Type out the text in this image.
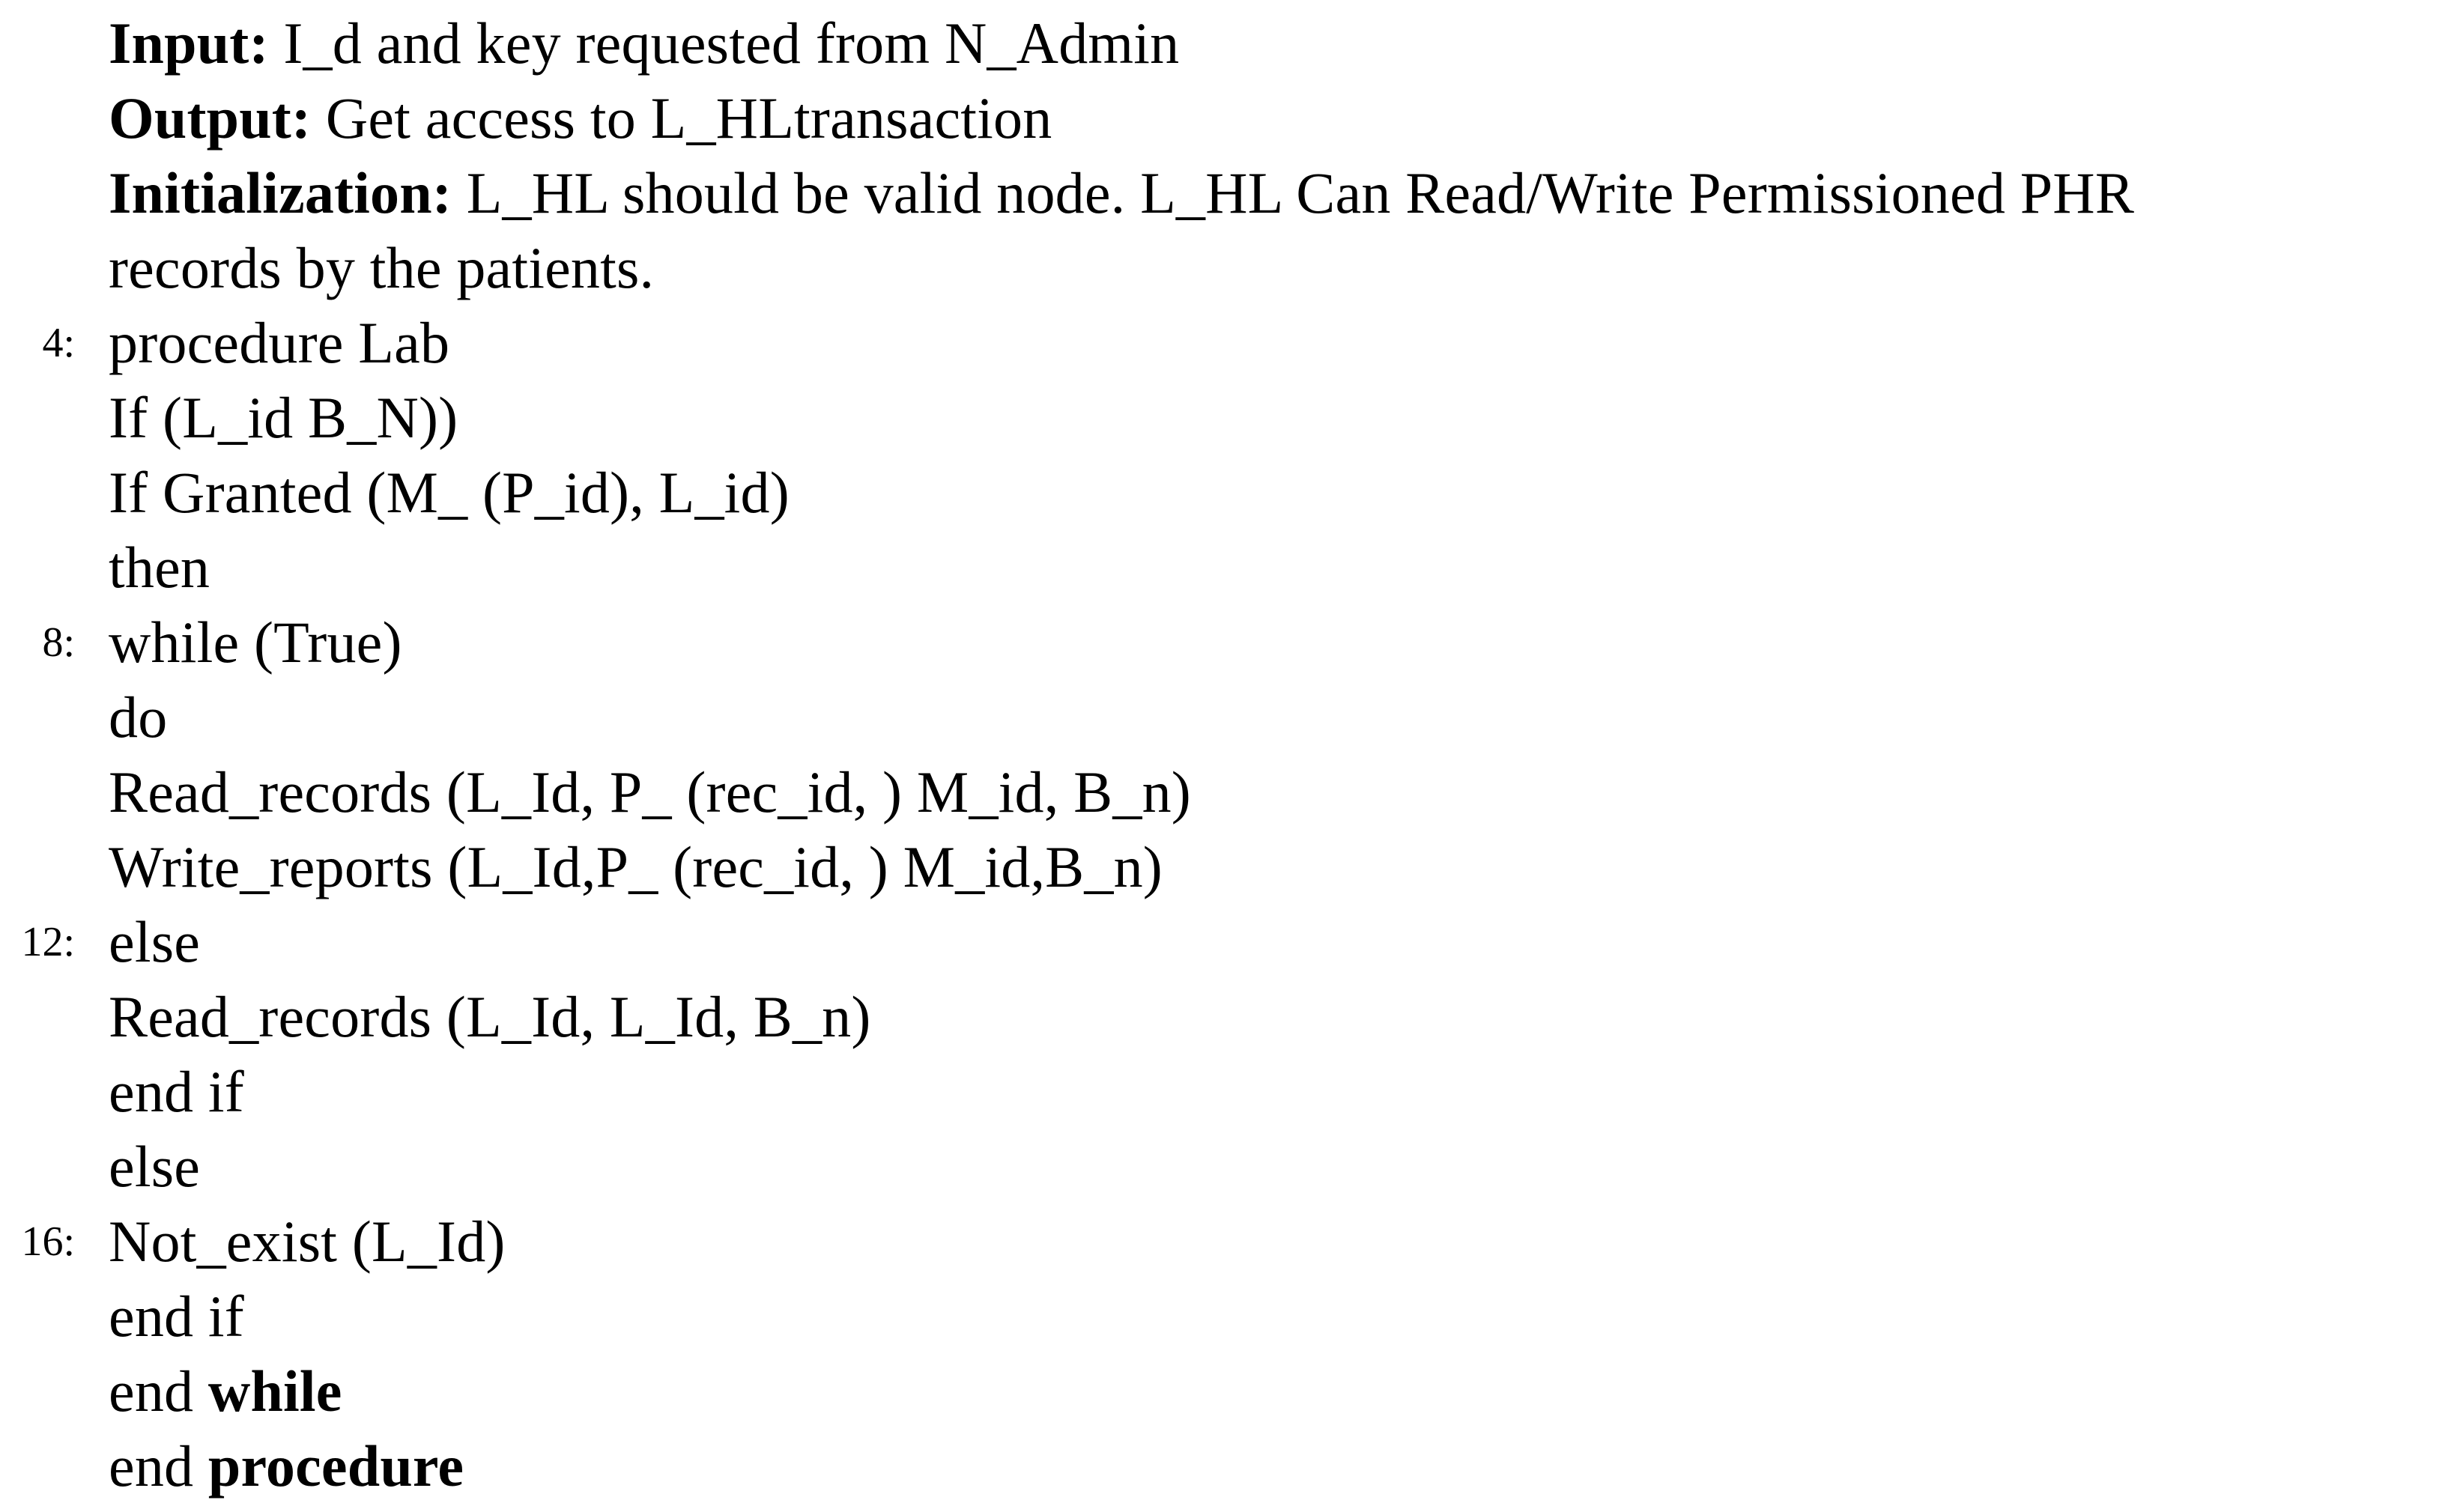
Input: I_d and key requested from N_Admin
Output: Get access to L_HLtransaction
Initialization: L_HL should be valid node. L_HL Can Read/Write Permissioned PHR
records by the patients.
4: procedure Lab
If (L_id B_N))
If Granted (M_ (P_id), L_id)
then
8: while (True)
do
Read_records (L_Id, P_ (rec_id, ) M_id, B_n)
Write_reports (L_Id,P_ (rec_id, ) M_id,B_n)
12: else
Read_records (L_Id, L_Id, B_n)
end if
else
16: Not_exist (L_Id)
end if
end while
end procedure
